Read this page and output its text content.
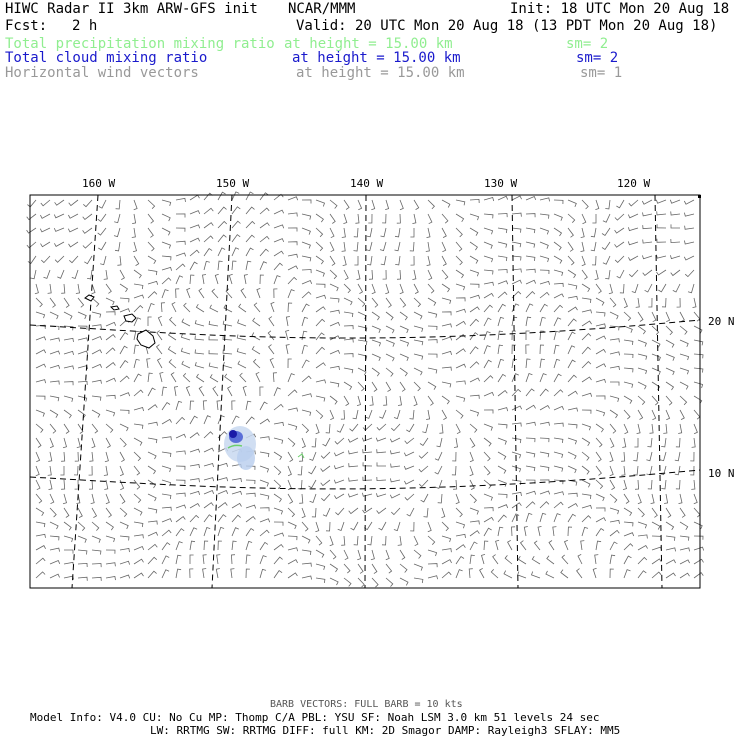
HIWC Radar II 3km ARW-GFS init NCAR/MMM	Init: 18 UTC Mon 20 Aug 18
Fcst: 2 h	Valid: 20 UTC Mon 20 Aug 18 (13 PDT Mon 20 Aug 18)
Total precipitation mixing ratio at height = 15.00 km	sm= 2
Total cloud mixing ratio	at height = 15.00 km	sm= 2
Horizontal wind vectors	at height = 15.00 km	sm= 1
160 W	150 W	140 W	130 W	120 W
20 N
10 N
BARB VECTORS: FULL BARB = 10 kts
Model Info: V4.0 CU: No Cu MP: Thomp C/A PBL: YSU SF: Noah LSM 3.0 km 51 levels 24 sec
LW: RRTMG SW: RRTMG DIFF: full KM: 2D Smagor DAMP: Rayleigh3 SFLAY: MM5
